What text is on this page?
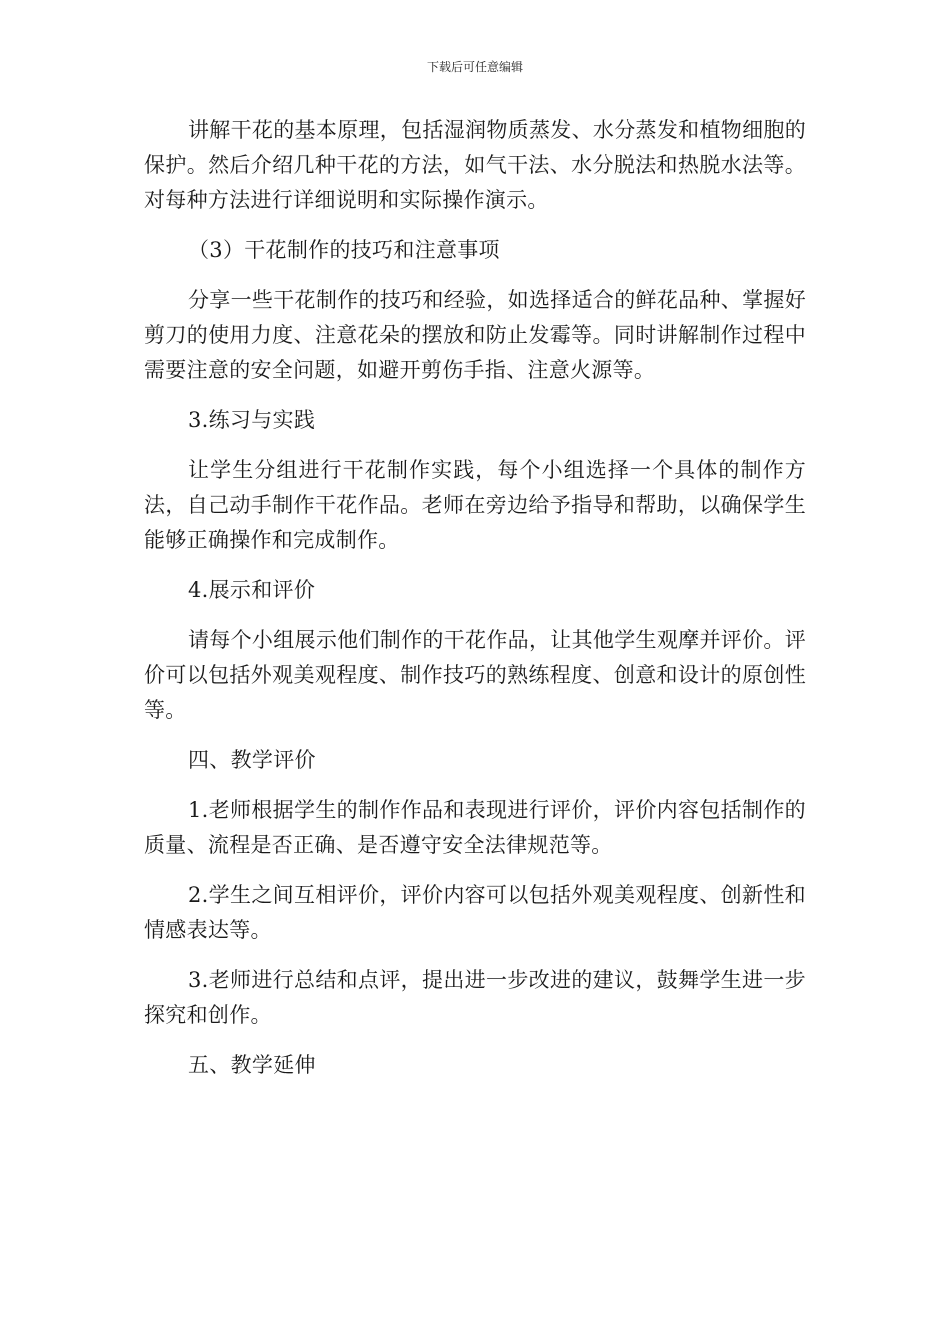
下载后可任意编辑

讲解干花的基本原理，包括湿润物质蒸发、水分蒸发和植物细胞的保护。然后介绍几种干花的方法，如气干法、水分脱法和热脱水法等。对每种方法进行详细说明和实际操作演示。

（3）干花制作的技巧和注意事项

分享一些干花制作的技巧和经验，如选择适合的鲜花品种、掌握好剪刀的使用力度、注意花朵的摆放和防止发霉等。同时讲解制作过程中需要注意的安全问题，如避开剪伤手指、注意火源等。

3.练习与实践

让学生分组进行干花制作实践，每个小组选择一个具体的制作方法，自己动手制作干花作品。老师在旁边给予指导和帮助，以确保学生能够正确操作和完成制作。

4.展示和评价

请每个小组展示他们制作的干花作品，让其他学生观摩并评价。评价可以包括外观美观程度、制作技巧的熟练程度、创意和设计的原创性等。

四、教学评价

1.老师根据学生的制作作品和表现进行评价，评价内容包括制作的质量、流程是否正确、是否遵守安全法律规范等。

2.学生之间互相评价，评价内容可以包括外观美观程度、创新性和情感表达等。

3.老师进行总结和点评，提出进一步改进的建议，鼓舞学生进一步探究和创作。

五、教学延伸
